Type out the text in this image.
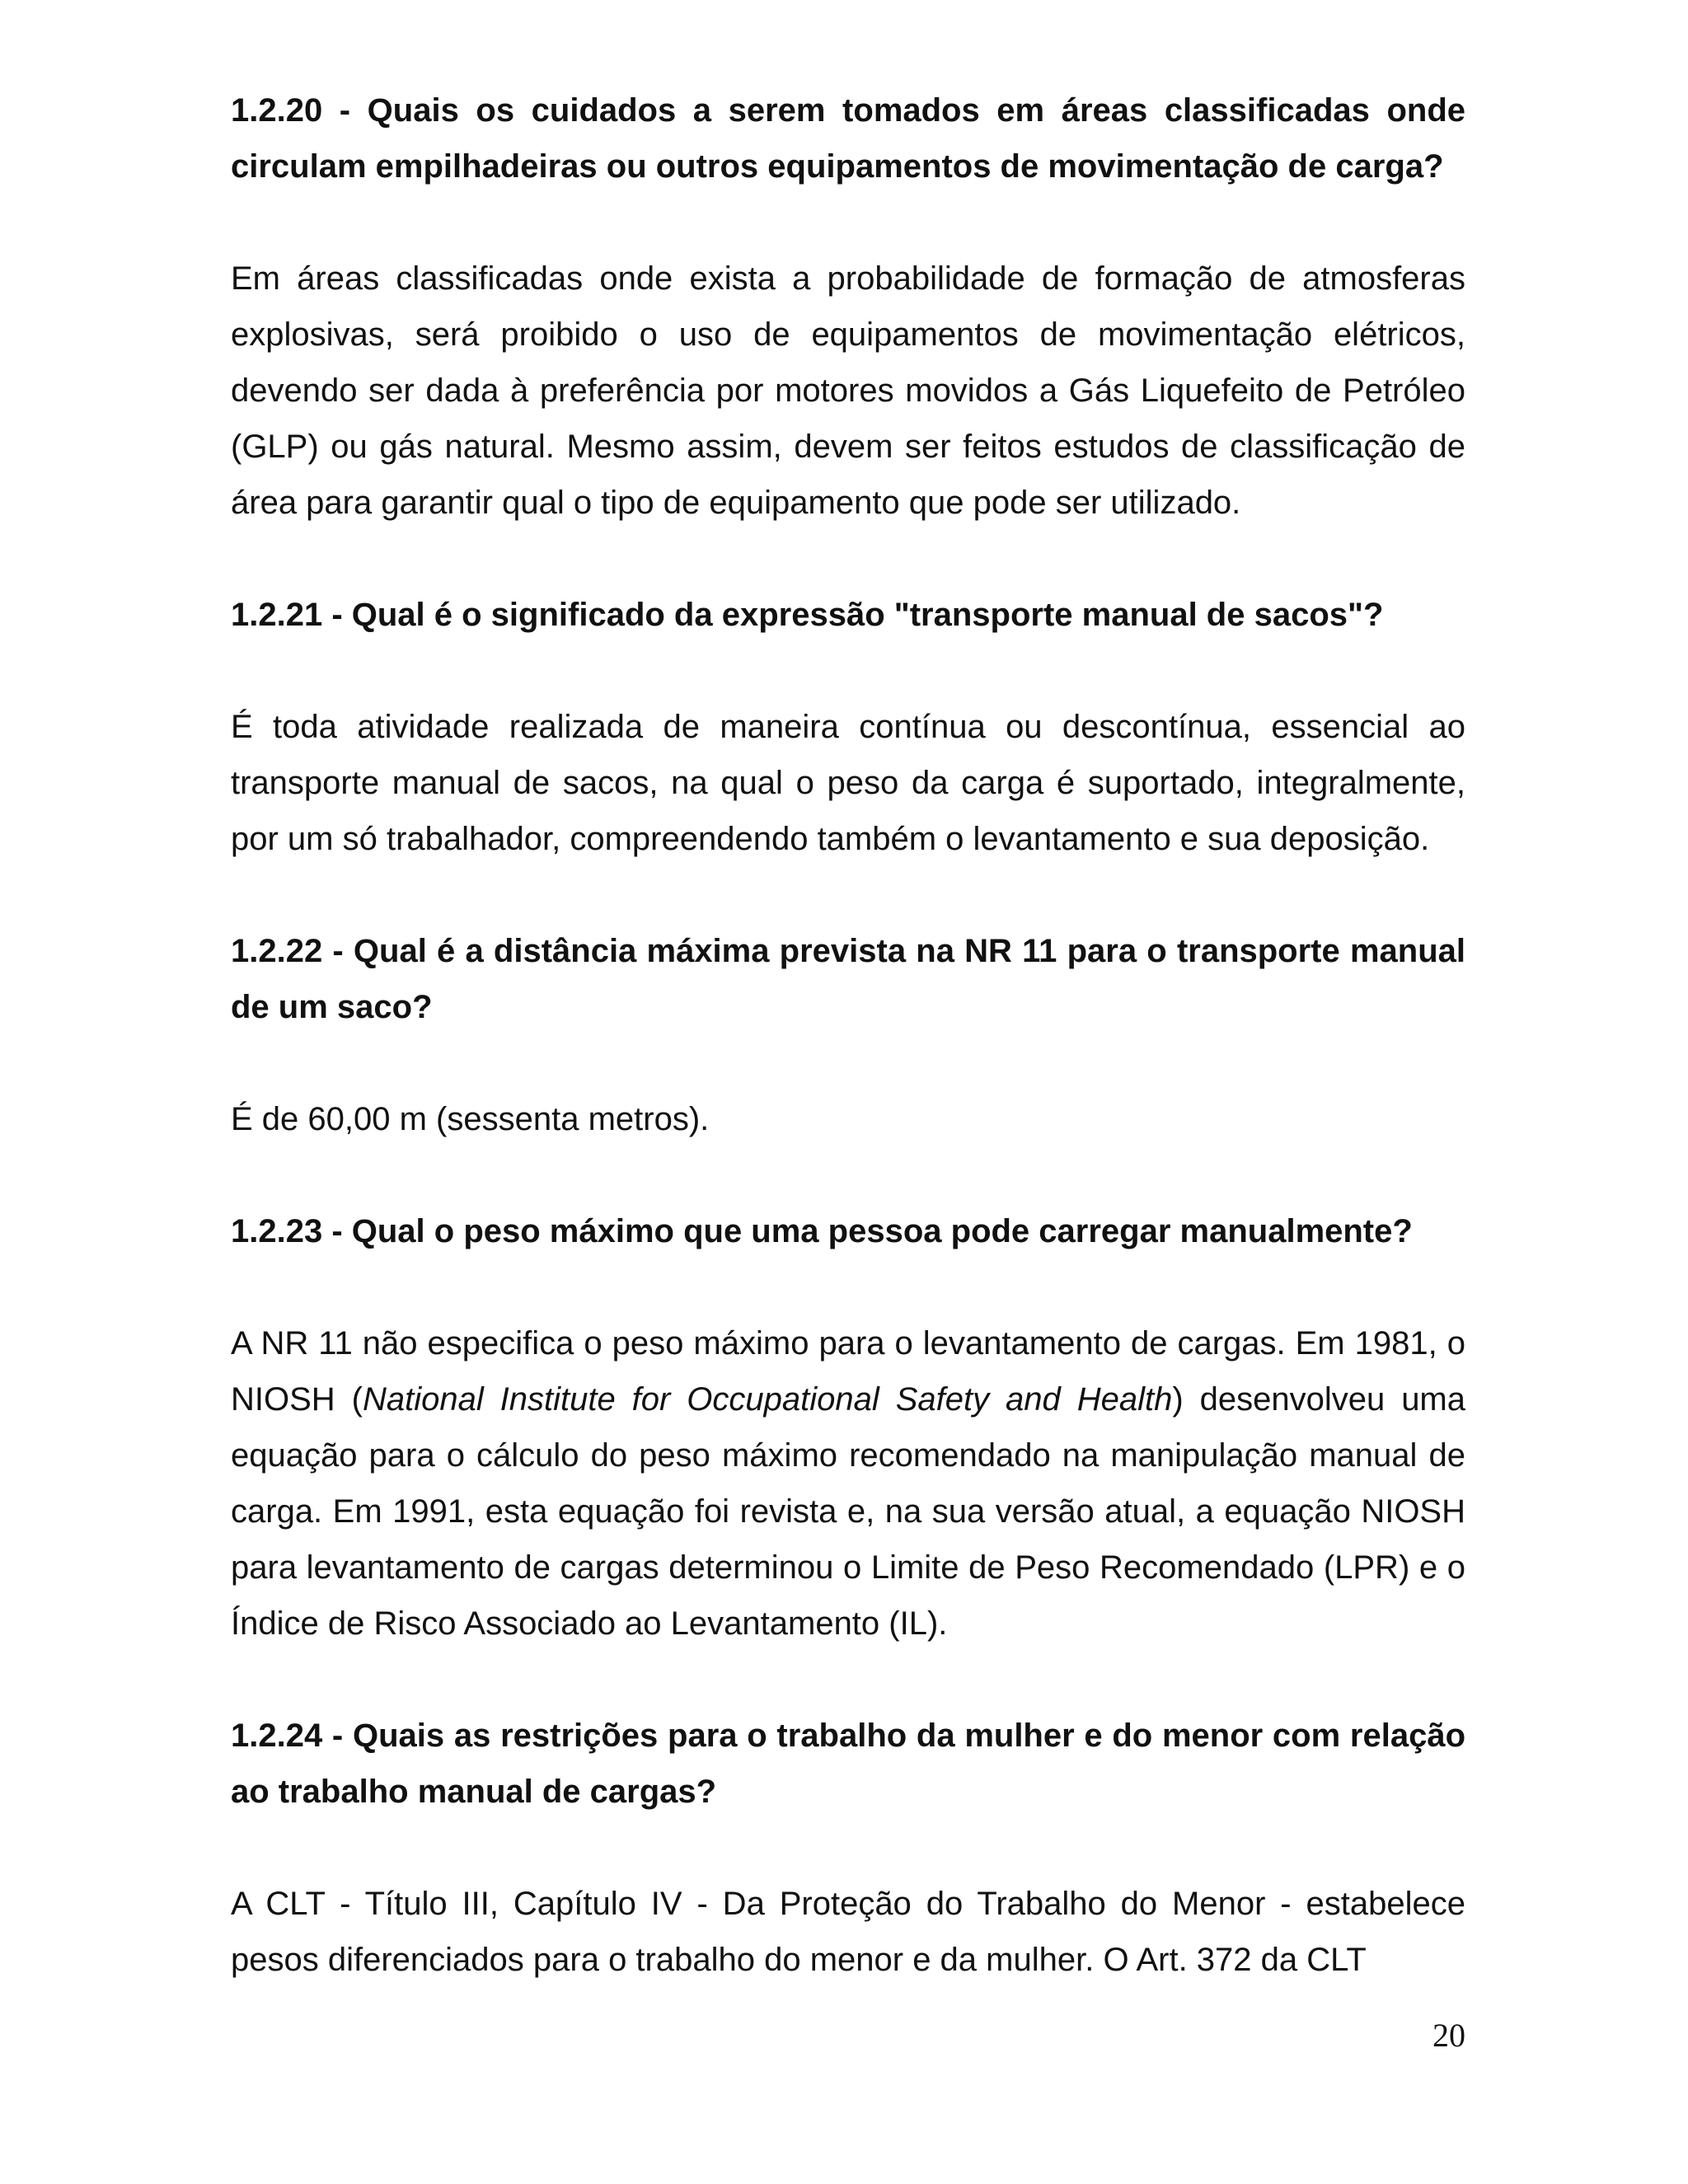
1.2.20 - Quais os cuidados a serem tomados em áreas classificadas onde circulam empilhadeiras ou outros equipamentos de movimentação de carga?
Em áreas classificadas onde exista a probabilidade de formação de atmosferas explosivas, será proibido o uso de equipamentos de movimentação elétricos, devendo ser dada à preferência por motores movidos a Gás Liquefeito de Petróleo (GLP) ou gás natural. Mesmo assim, devem ser feitos estudos de classificação de área para garantir qual o tipo de equipamento que pode ser utilizado.
1.2.21 - Qual é o significado da expressão "transporte manual de sacos"?
É toda atividade realizada de maneira contínua ou descontínua, essencial ao transporte manual de sacos, na qual o peso da carga é suportado, integralmente, por um só trabalhador, compreendendo também o levantamento e sua deposição.
1.2.22 - Qual é a distância máxima prevista na NR 11 para o transporte manual de um saco?
É de 60,00 m (sessenta metros).
1.2.23 - Qual o peso máximo que uma pessoa pode carregar manualmente?
A NR 11 não especifica o peso máximo para o levantamento de cargas. Em 1981, o NIOSH (National Institute for Occupational Safety and Health) desenvolveu uma equação para o cálculo do peso máximo recomendado na manipulação manual de carga. Em 1991, esta equação foi revista e, na sua versão atual, a equação NIOSH para levantamento de cargas determinou o Limite de Peso Recomendado (LPR) e o Índice de Risco Associado ao Levantamento (IL).
1.2.24 - Quais as restrições para o trabalho da mulher e do menor com relação ao trabalho manual de cargas?
A CLT - Título III, Capítulo IV - Da Proteção do Trabalho do Menor - estabelece pesos diferenciados para o trabalho do menor e da mulher. O Art. 372 da CLT
20
